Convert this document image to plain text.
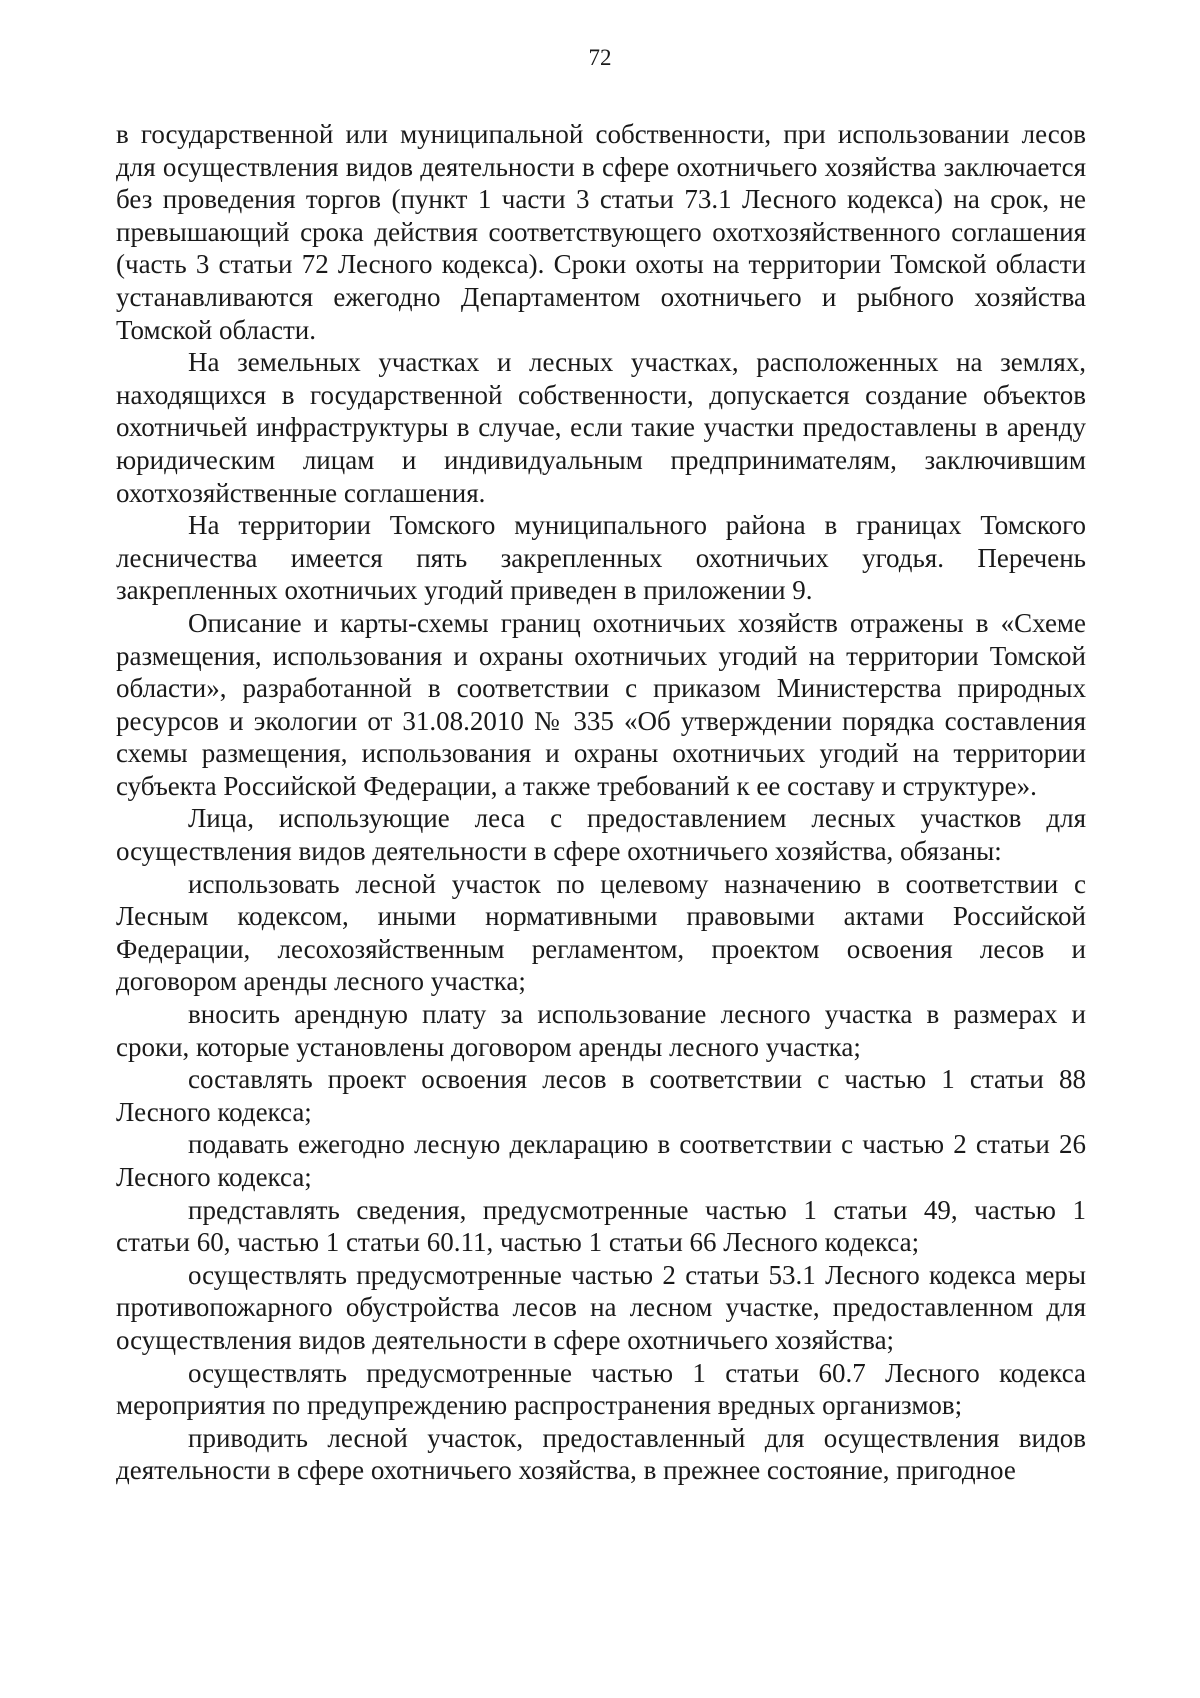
72

в государственной или муниципальной собственности, при использовании лесов для осуществления видов деятельности в сфере охотничьего хозяйства заключается без проведения торгов (пункт 1 части 3 статьи 73.1 Лесного кодекса) на срок, не превышающий срока действия соответствующего охотхозяйственного соглашения (часть 3 статьи 72 Лесного кодекса). Сроки охоты на территории Томской области устанавливаются ежегодно Департаментом охотничьего и рыбного хозяйства Томской области.

На земельных участках и лесных участках, расположенных на землях, находящихся в государственной собственности, допускается создание объектов охотничьей инфраструктуры в случае, если такие участки предоставлены в аренду юридическим лицам и индивидуальным предпринимателям, заключившим охотхозяйственные соглашения.

На территории Томского муниципального района в границах Томского лесничества имеется пять закрепленных охотничьих угодья. Перечень закрепленных охотничьих угодий приведен в приложении 9.

Описание и карты-схемы границ охотничьих хозяйств отражены в «Схеме размещения, использования и охраны охотничьих угодий на территории Томской области», разработанной в соответствии с приказом Министерства природных ресурсов и экологии от 31.08.2010 № 335 «Об утверждении порядка составления схемы размещения, использования и охраны охотничьих угодий на территории субъекта Российской Федерации, а также требований к ее составу и структуре».

Лица, использующие леса с предоставлением лесных участков для осуществления видов деятельности в сфере охотничьего хозяйства, обязаны:

использовать лесной участок по целевому назначению в соответствии с Лесным кодексом, иными нормативными правовыми актами Российской Федерации, лесохозяйственным регламентом, проектом освоения лесов и договором аренды лесного участка;

вносить арендную плату за использование лесного участка в размерах и сроки, которые установлены договором аренды лесного участка;

составлять проект освоения лесов в соответствии с частью 1 статьи 88 Лесного кодекса;

подавать ежегодно лесную декларацию в соответствии с частью 2 статьи 26 Лесного кодекса;

представлять сведения, предусмотренные частью 1 статьи 49, частью 1 статьи 60, частью 1 статьи 60.11, частью 1 статьи 66 Лесного кодекса;

осуществлять предусмотренные частью 2 статьи 53.1 Лесного кодекса меры противопожарного обустройства лесов на лесном участке, предоставленном для осуществления видов деятельности в сфере охотничьего хозяйства;

осуществлять предусмотренные частью 1 статьи 60.7 Лесного кодекса мероприятия по предупреждению распространения вредных организмов;

приводить лесной участок, предоставленный для осуществления видов деятельности в сфере охотничьего хозяйства, в прежнее состояние, пригодное
